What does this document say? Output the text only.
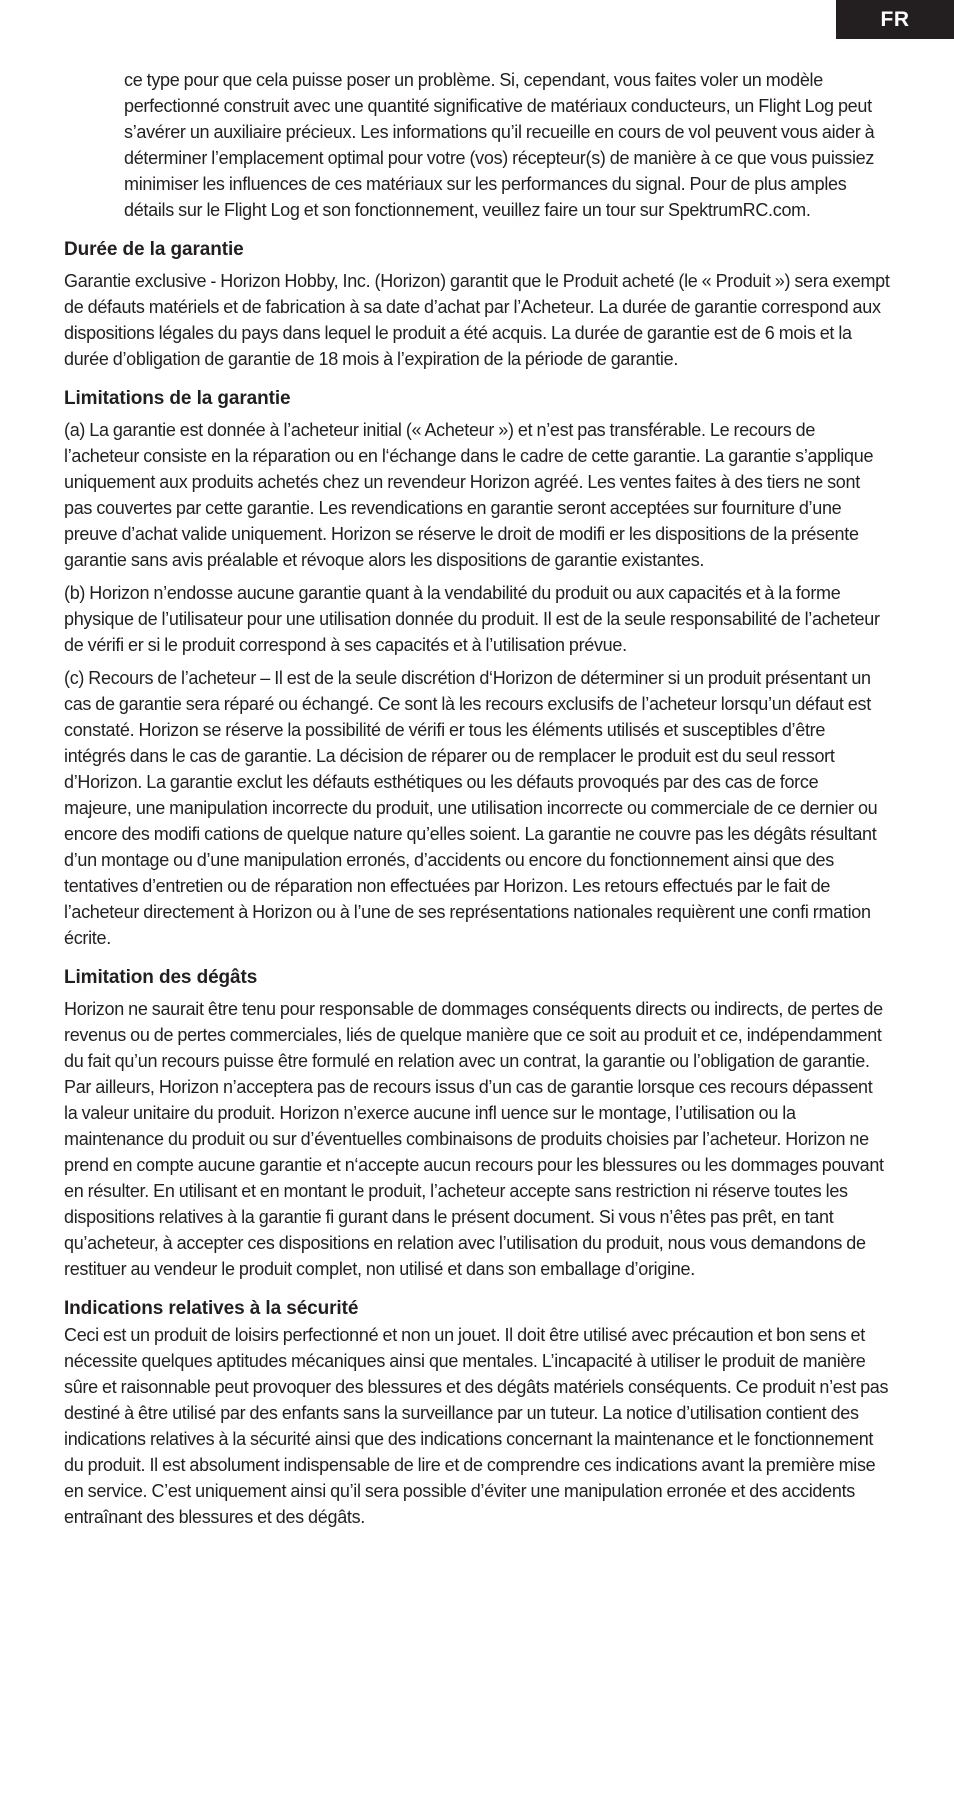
FR

ce type pour que cela puisse poser un problème. Si, cependant, vous faites voler un modèle perfectionné construit avec une quantité significative de matériaux conducteurs, un Flight Log peut s’avérer un auxiliaire précieux. Les informations qu’il recueille en cours de vol peuvent vous aider à déterminer l’emplacement optimal pour votre (vos) récepteur(s) de manière à ce que vous puissiez minimiser les influences de ces matériaux sur les performances du signal. Pour de plus amples détails sur le Flight Log et son fonctionnement, veuillez faire un tour sur SpektrumRC.com.

Durée de la garantie

Garantie exclusive - Horizon Hobby, Inc. (Horizon) garantit que le Produit acheté (le « Produit ») sera exempt de défauts matériels et de fabrication à sa date d’achat par l’Acheteur. La durée de garantie correspond aux dispositions légales du pays dans lequel le produit a été acquis. La durée de garantie est de 6 mois et la durée d’obligation de garantie de 18 mois à l’expiration de la période de garantie.

Limitations de la garantie

(a) La garantie est donnée à l’acheteur initial (« Acheteur ») et n’est pas transférable. Le recours de l’acheteur consiste en la réparation ou en l‘échange dans le cadre de cette garantie. La garantie s’applique uniquement aux produits achetés chez un revendeur Horizon agréé. Les ventes faites à des tiers ne sont pas couvertes par cette garantie. Les revendications en garantie seront acceptées sur fourniture d’une preuve d’achat valide uniquement. Horizon se réserve le droit de modifi er les dispositions de la présente garantie sans avis préalable et révoque alors les dispositions de garantie existantes.

(b) Horizon n’endosse aucune garantie quant à la vendabilité du produit ou aux capacités et à la forme physique de l’utilisateur pour une utilisation donnée du produit. Il est de la seule responsabilité de l’acheteur de vérifi er si le produit correspond à ses capacités et à l’utilisation prévue.

(c) Recours de l’acheteur – Il est de la seule discrétion d‘Horizon de déterminer si un produit présentant un cas de garantie sera réparé ou échangé. Ce sont là les recours exclusifs de l’acheteur lorsqu’un défaut est constaté. Horizon se réserve la possibilité de vérifi er tous les éléments utilisés et susceptibles d’être intégrés dans le cas de garantie. La décision de réparer ou de remplacer le produit est du seul ressort d’Horizon. La garantie exclut les défauts esthétiques ou les défauts provoqués par des cas de force majeure, une manipulation incorrecte du produit, une utilisation incorrecte ou commerciale de ce dernier ou encore des modifi cations de quelque nature qu’elles soient. La garantie ne couvre pas les dégâts résultant d’un montage ou d’une manipulation erronés, d’accidents ou encore du fonctionnement ainsi que des tentatives d’entretien ou de réparation non effectuées par Horizon. Les retours effectués par le fait de l’acheteur directement à Horizon ou à l’une de ses représentations nationales requièrent une confi rmation écrite.

Limitation des dégâts

Horizon ne saurait être tenu pour responsable de dommages conséquents directs ou indirects, de pertes de revenus ou de pertes commerciales, liés de quelque manière que ce soit au produit et ce, indépendamment du fait qu’un recours puisse être formulé en relation avec un contrat, la garantie ou l’obligation de garantie. Par ailleurs, Horizon n’acceptera pas de recours issus d’un cas de garantie lorsque ces recours dépassent la valeur unitaire du produit. Horizon n’exerce aucune infl uence sur le montage, l’utilisation ou la maintenance du produit ou sur d’éventuelles combinaisons de produits choisies par l’acheteur. Horizon ne prend en compte aucune garantie et n‘accepte aucun recours pour les blessures ou les dommages pouvant en résulter. En utilisant et en montant le produit, l’acheteur accepte sans restriction ni réserve toutes les dispositions relatives à la garantie fi gurant dans le présent document. Si vous n’êtes pas prêt, en tant qu’acheteur, à accepter ces dispositions en relation avec l’utilisation du produit, nous vous demandons de restituer au vendeur le produit complet, non utilisé et dans son emballage d’origine.

Indications relatives à la sécurité

Ceci est un produit de loisirs perfectionné et non un jouet. Il doit être utilisé avec précaution et bon sens et nécessite quelques aptitudes mécaniques ainsi que mentales. L’incapacité à utiliser le produit de manière sûre et raisonnable peut provoquer des blessures et des dégâts matériels conséquents. Ce produit n’est pas destiné à être utilisé par des enfants sans la surveillance par un tuteur. La notice d’utilisation contient des indications relatives à la sécurité ainsi que des indications concernant la maintenance et le fonctionnement du produit. Il est absolument indispensable de lire et de comprendre ces indications avant la première mise en service. C’est uniquement ainsi qu’il sera possible d’éviter une manipulation erronée et des accidents entraînant des blessures et des dégâts.
